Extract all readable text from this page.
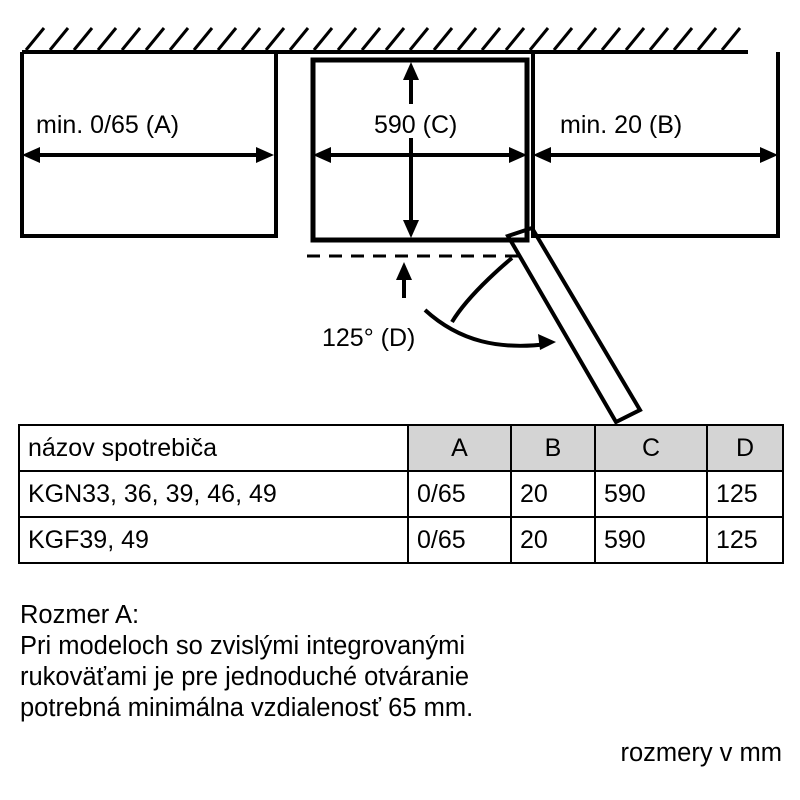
min. 0/65 (A)	min. 20 (B)
590 (C)
125° (D)
názov spotrebiča	A	B	C	D
KGN33, 36, 39, 46, 49	0/65	20	590	125
KGF39, 49	0/65	20	590	125
Rozmer A:
Pri modeloch so zvislými integrovanými
rukoväťami je pre jednoduché otváranie
potrebná minimálna vzdialenosť 65 mm.
rozmery v mm
